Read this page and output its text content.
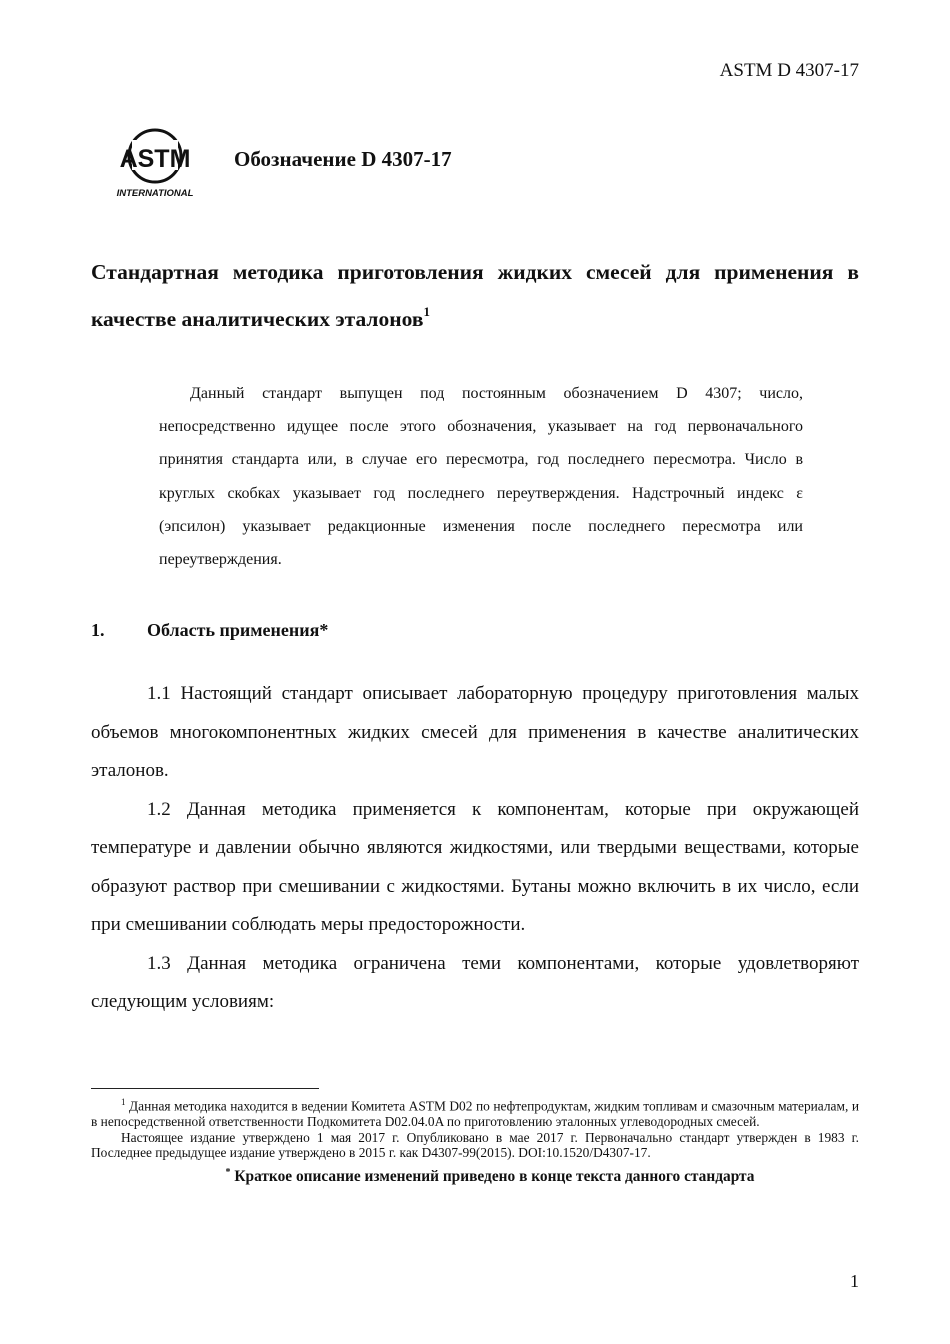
ASTM D 4307-17
ASTM
INTERNATIONAL
Обозначение D 4307-17
Стандартная методика приготовления жидких смесей для применения в качестве аналитических эталонов$^1$
Данный стандарт выпущен под постоянным обозначением D 4307; число, непосредственно идущее после этого обозначения, указывает на год первоначального принятия стандарта или, в случае его пересмотра, год последнего пересмотра. Число в круглых скобках указывает год последнего переутверждения. Надстрочный индекс ε (эпсилон) указывает редакционные изменения после последнего пересмотра или переутверждения.
1. Область применения*

1.1 Настоящий стандарт описывает лабораторную процедуру приготовления малых объемов многокомпонентных жидких смесей для применения в качестве аналитических эталонов.

1.2 Данная методика применяется к компонентам, которые при окружающей температуре и давлении обычно являются жидкостями, или твердыми веществами, которые образуют раствор при смешивании с жидкостями. Бутаны можно включить в их число, если при смешивании соблюдать меры предосторожности.

1.3 Данная методика ограничена теми компонентами, которые удовлетворяют следующим условиям:

$^1$ Данная методика находится в ведении Комитета ASTM D02 по нефтепродуктам, жидким топливам и смазочным материалам, и в непосредственной ответственности Подкомитета D02.04.0A по приготовлению эталонных углеводородных смесей.

Настоящее издание утверждено 1 мая 2017 г. Опубликовано в мае 2017 г. Первоначально стандарт утвержден в 1983 г. Последнее предыдущее издание утверждено в 2015 г. как D4307-99(2015). DOI:10.1520/D4307-17.

* Краткое описание изменений приведено в конце текста данного стандарта

1
